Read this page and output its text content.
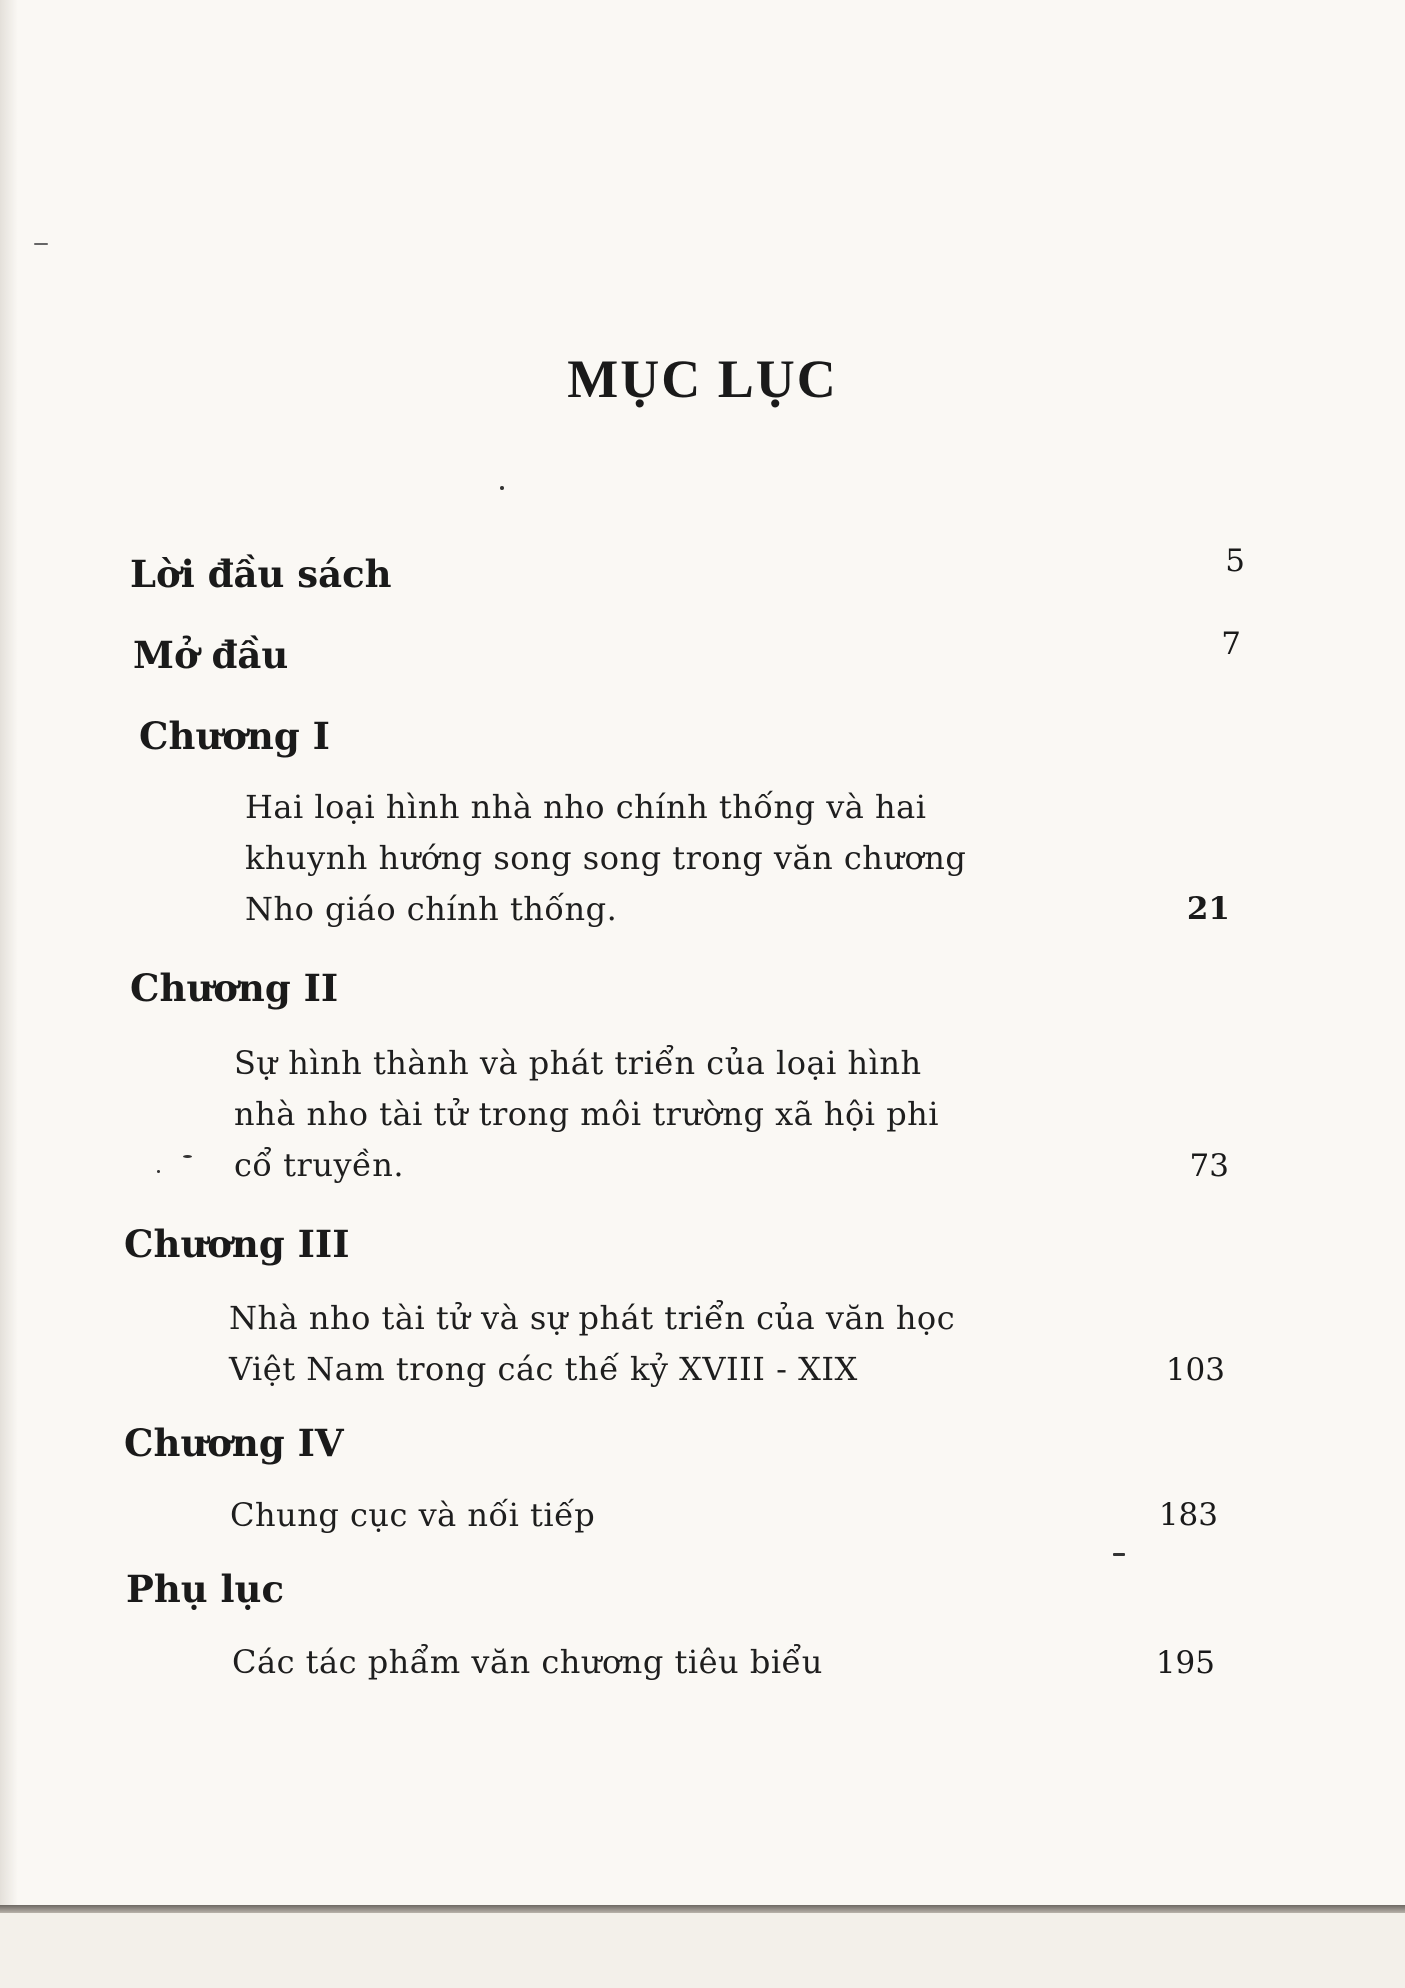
MỤC LỤC
Lời đầu sách	5
Mở đầu	7
Chương I
Hai loại hình nhà nho chính thống và hai
khuynh hướng song song trong văn chương
Nho giáo chính thống.	21
Chương II
Sự hình thành và phát triển của loại hình
nhà nho tài tử trong môi trường xã hội phi
cổ truyền.	73
Chương III
Nhà nho tài tử và sự phát triển của văn học
Việt Nam trong các thế kỷ XVIII - XIX	103
Chương IV
Chung cục và nối tiếp	183
Phụ lục
Các tác phẩm văn chương tiêu biểu	195
